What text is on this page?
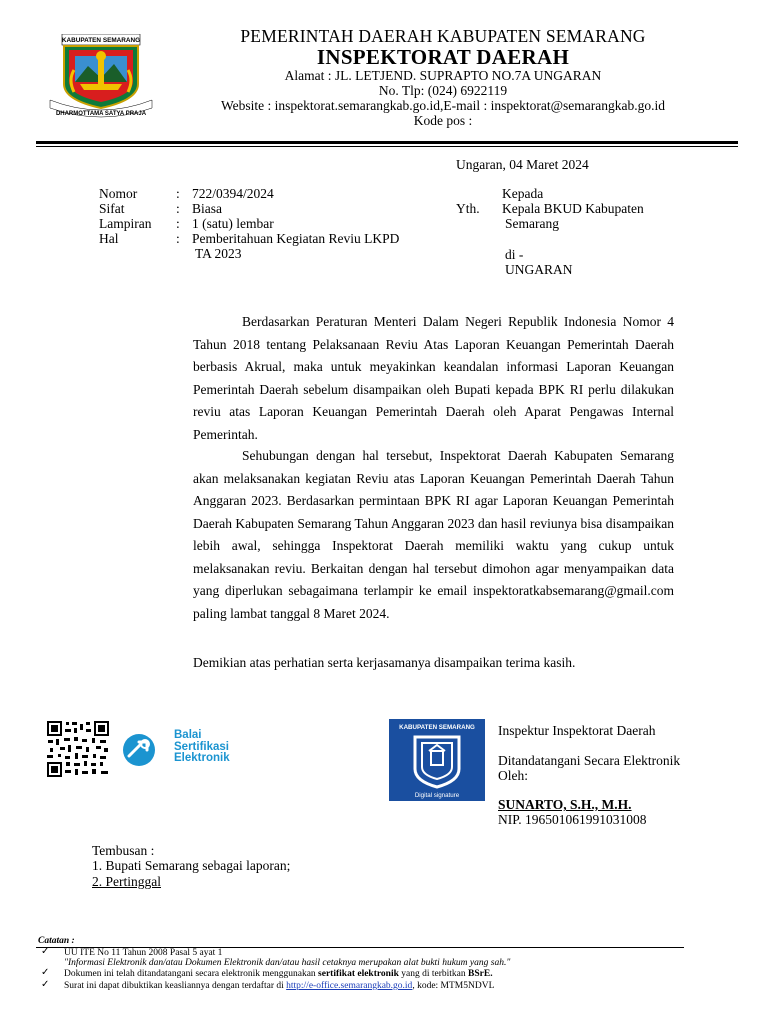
KABUPATEN SEMARANG
DHARMOTTAMA SATYA PRAJA
PEMERINTAH DAERAH KABUPATEN SEMARANG
INSPEKTORAT DAERAH
Alamat : JL. LETJEND. SUPRAPTO NO.7A UNGARAN
No. Tlp: (024) 6922119
Website : inspektorat.semarangkab.go.id,E-mail : inspektorat@semarangkab.go.id
Kode pos :
Ungaran, 04 Maret 2024
Nomor
Sifat
Lampiran
Hal
:
:
:
:
722/0394/2024
Biasa
1 (satu) lembar
Pemberitahuan Kegiatan Reviu LKPD
TA 2023
Kepada
Yth. Kepala BKUD Kabupaten
Semarang
di -
UNGARAN
Berdasarkan Peraturan Menteri Dalam Negeri Republik Indonesia Nomor 4 Tahun 2018 tentang Pelaksanaan Reviu Atas Laporan Keuangan Pemerintah Daerah berbasis Akrual, maka untuk meyakinkan keandalan informasi Laporan Keuangan Pemerintah Daerah sebelum disampaikan oleh Bupati kepada BPK RI perlu dilakukan reviu atas Laporan Keuangan Pemerintah Daerah oleh Aparat Pengawas Internal Pemerintah.
Sehubungan dengan hal tersebut, Inspektorat Daerah Kabupaten Semarang akan melaksanakan kegiatan Reviu atas Laporan Keuangan Pemerintah Daerah Tahun Anggaran 2023. Berdasarkan permintaan BPK RI agar Laporan Keuangan Pemerintah Daerah Kabupaten Semarang Tahun Anggaran 2023 dan hasil reviunya bisa disampaikan lebih awal, sehingga Inspektorat Daerah memiliki waktu yang cukup untuk melaksanakan reviu. Berkaitan dengan hal tersebut dimohon agar menyampaikan data yang diperlukan sebagaimana terlampir ke email inspektoratkabsemarang@gmail.com paling lambat tanggal 8 Maret 2024.
Demikian atas perhatian serta kerjasamanya disampaikan terima kasih.
Balai
Sertifikasi
Elektronik
KABUPATEN SEMARANG
Digital signature
Inspektur Inspektorat Daerah
Ditandatangani Secara Elektronik
Oleh:
SUNARTO, S.H., M.H.
NIP. 196501061991031008
Tembusan :
1. Bupati Semarang sebagai laporan;
2. Pertinggal
Catatan :
✓ UU ITE No 11 Tahun 2008 Pasal 5 ayat 1
"Informasi Elektronik dan/atau Dokumen Elektronik dan/atau hasil cetaknya merupakan alat bukti hukum yang sah."
✓ Dokumen ini telah ditandatangani secara elektronik menggunakan sertifikat elektronik yang di terbitkan BSrE.
✓ Surat ini dapat dibuktikan keasliannya dengan terdaftar di http://e-office.semarangkab.go.id, kode: MTM5NDVL
